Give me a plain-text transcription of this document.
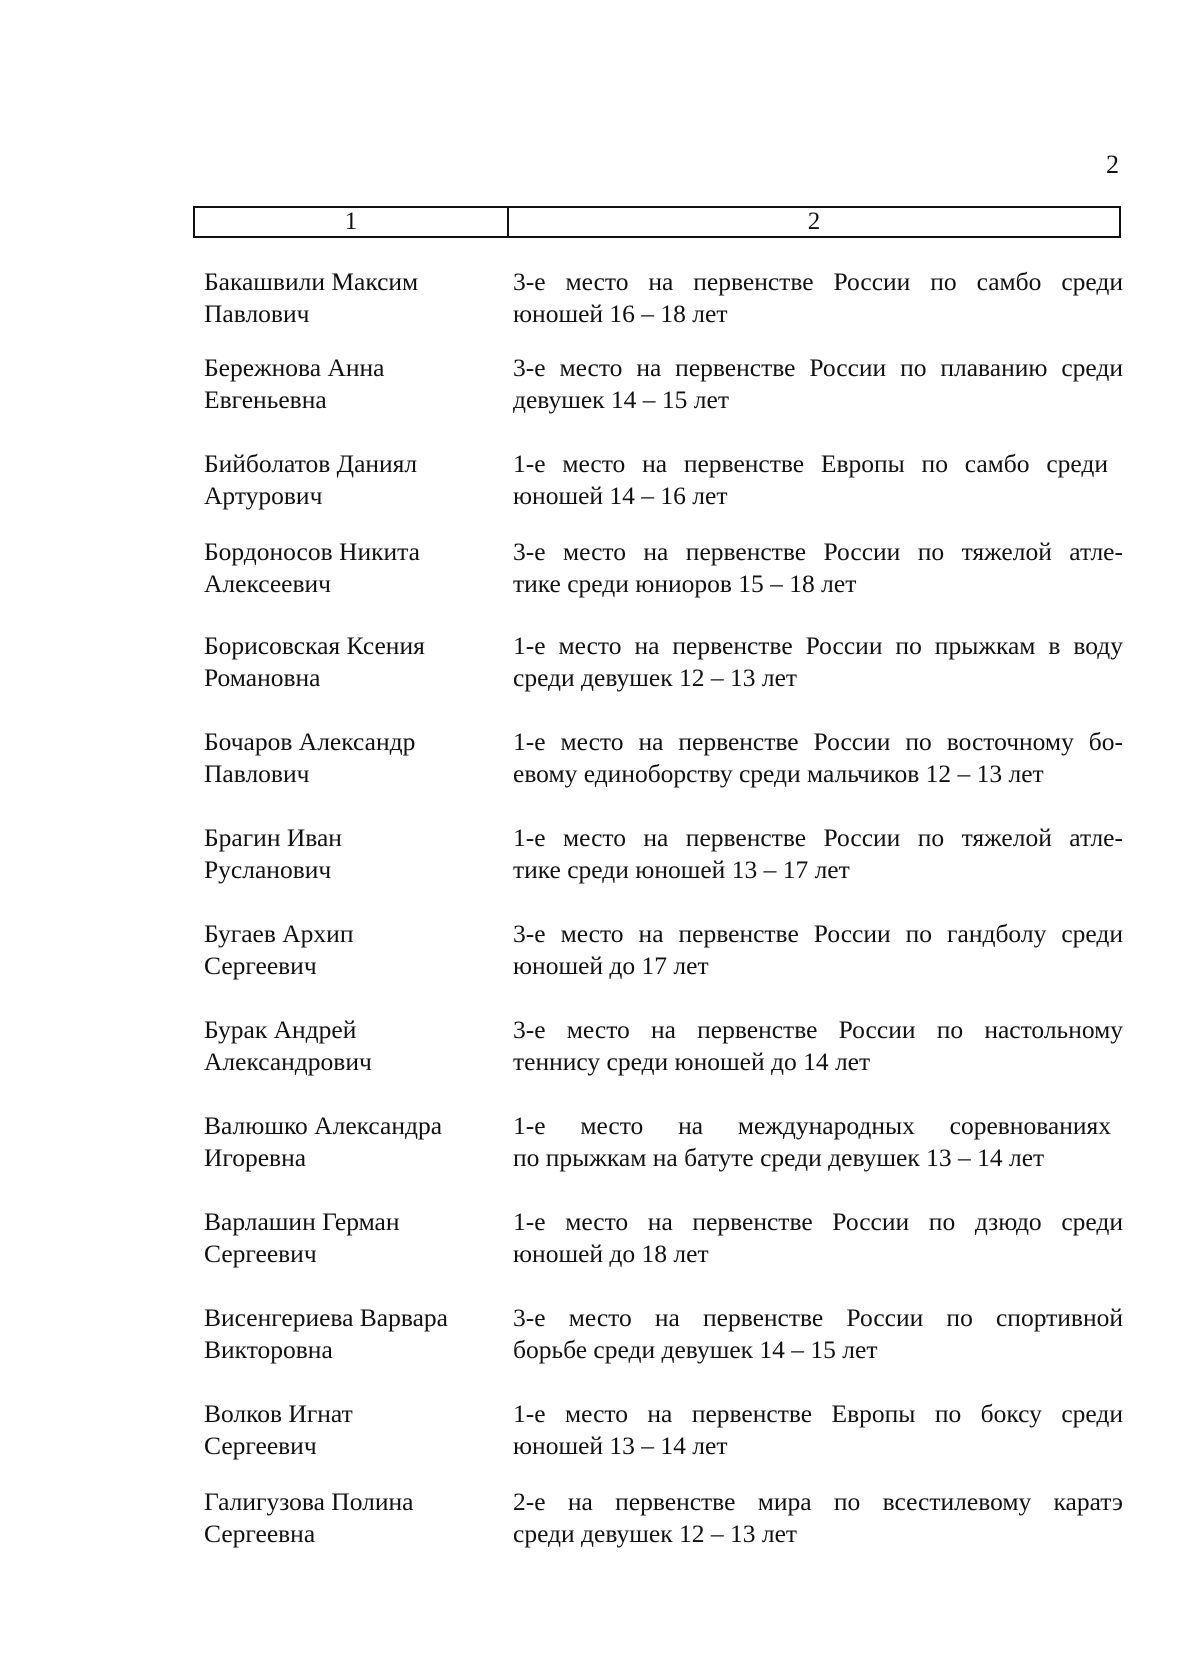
2
1	2
Бакашвили Максим
Павлович
3-е место на первенстве России по самбо среди
юношей 16 – 18 лет
Бережнова Анна
Евгеньевна
3-е место на первенстве России по плаванию среди
девушек 14 – 15 лет
Бийболатов Даниял
Артурович
1-е место на первенстве Европы по самбо среди
юношей 14 – 16 лет
Бордоносов Никита
Алексеевич
3-е место на первенстве России по тяжелой атле-
тике среди юниоров 15 – 18 лет
Борисовская Ксения
Романовна
1-е место на первенстве России по прыжкам в воду
среди девушек 12 – 13 лет
Бочаров Александр
Павлович
1-е место на первенстве России по восточному бо-
евому единоборству среди мальчиков 12 – 13 лет
Брагин Иван
Русланович
1-е место на первенстве России по тяжелой атле-
тике среди юношей 13 – 17 лет
Бугаев Архип
Сергеевич
3-е место на первенстве России по гандболу среди
юношей до 17 лет
Бурак Андрей
Александрович
3-е место на первенстве России по настольному
теннису среди юношей до 14 лет
Валюшко Александра
Игоревна
1-е место на международных соревнованиях
по прыжкам на батуте среди девушек 13 – 14 лет
Варлашин Герман
Сергеевич
1-е место на первенстве России по дзюдо среди
юношей до 18 лет
Висенгериева Варвара
Викторовна
3-е место на первенстве России по спортивной
борьбе среди девушек 14 – 15 лет
Волков Игнат
Сергеевич
1-е место на первенстве Европы по боксу среди
юношей 13 – 14 лет
Галигузова Полина
Сергеевна
2-е на первенстве мира по всестилевому каратэ
среди девушек 12 – 13 лет
